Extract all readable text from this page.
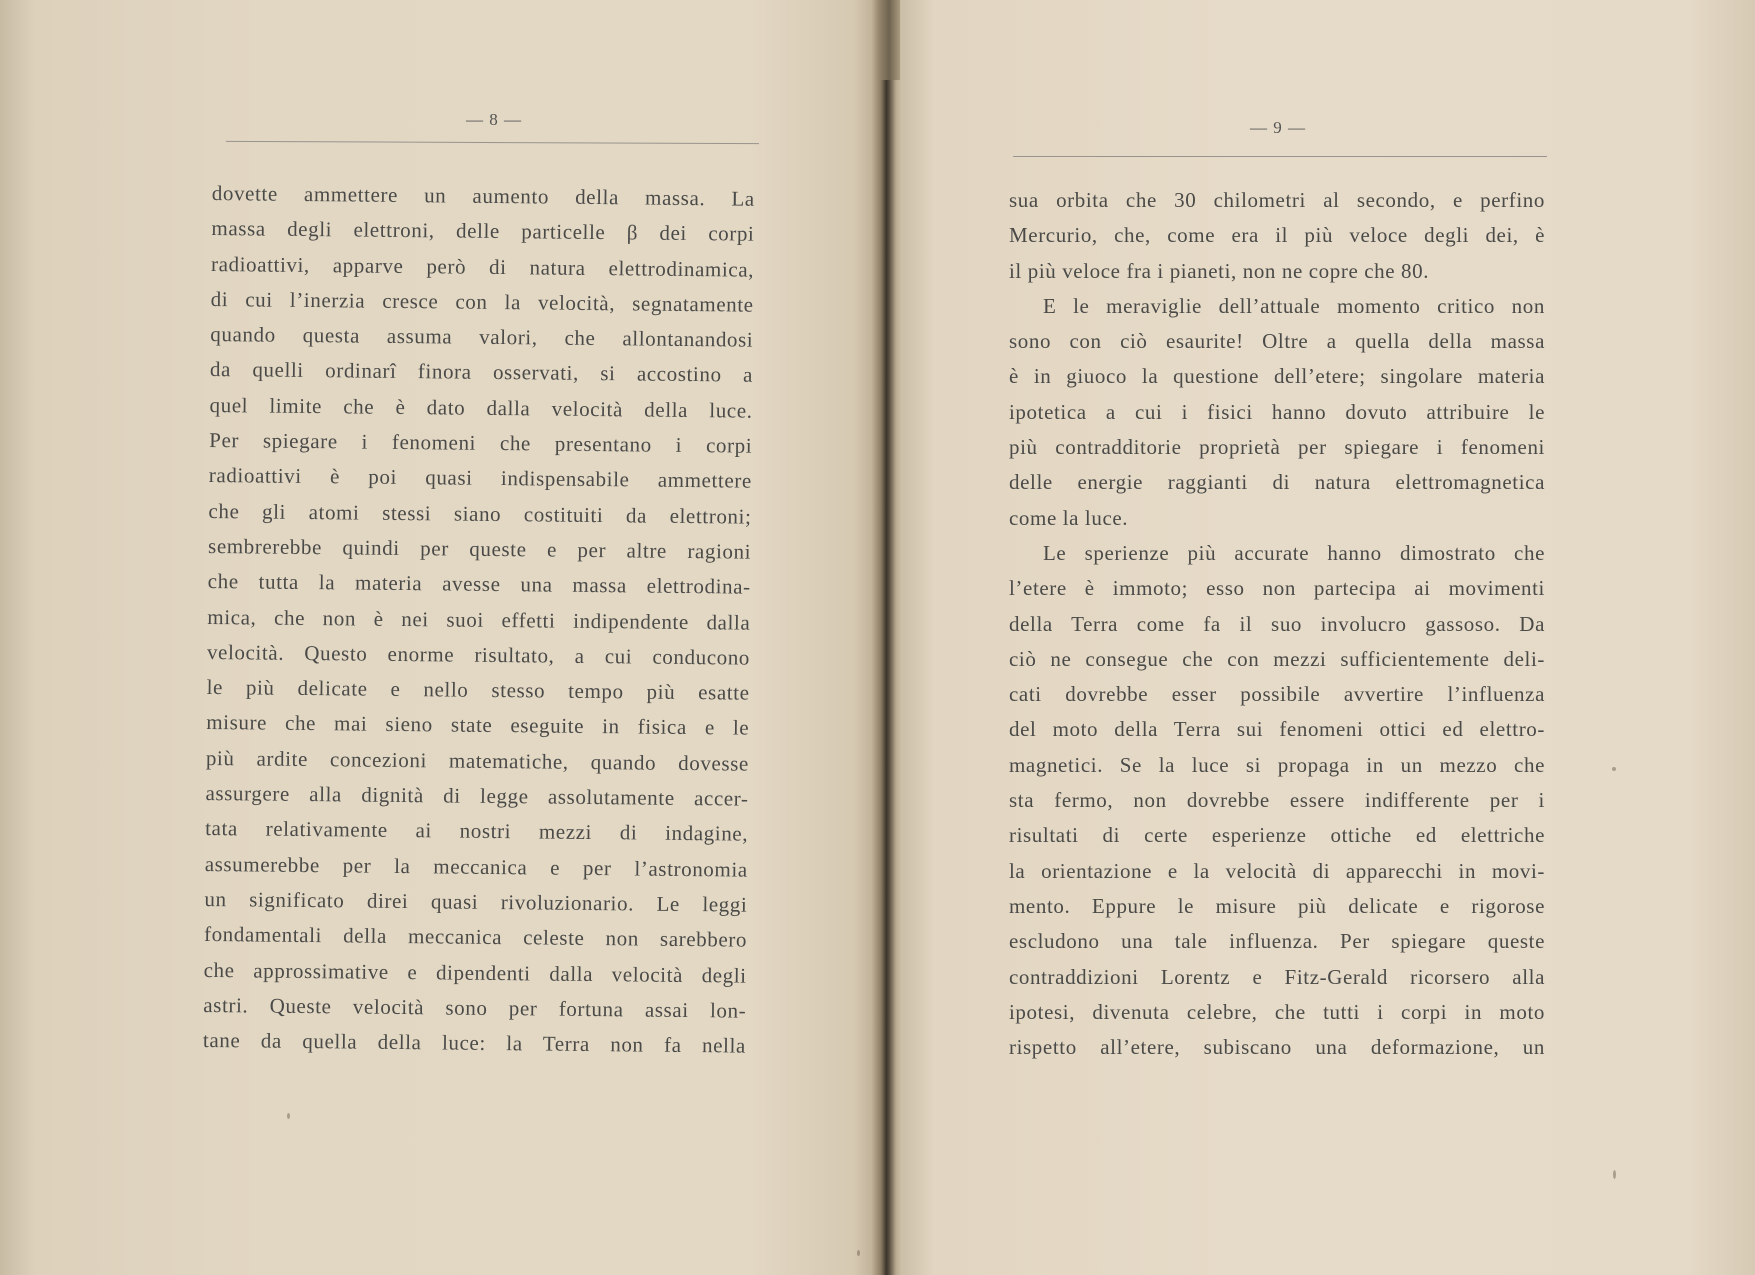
— 8 —	— 9 —
dovette ammettere un aumento della massa. La
massa degli elettroni, delle particelle β dei corpi
radioattivi, apparve però di natura elettrodinamica,
di cui l’inerzia cresce con la velocità, segnatamente
quando questa assuma valori, che allontanandosi
da quelli ordinarî finora osservati, si accostino a
quel limite che è dato dalla velocità della luce.
Per spiegare i fenomeni che presentano i corpi
radioattivi è poi quasi indispensabile ammettere
che gli atomi stessi siano costituiti da elettroni;
sembrerebbe quindi per queste e per altre ragioni
che tutta la materia avesse una massa elettrodina-
mica, che non è nei suoi effetti indipendente dalla
velocità. Questo enorme risultato, a cui conducono
le più delicate e nello stesso tempo più esatte
misure che mai sieno state eseguite in fisica e le
più ardite concezioni matematiche, quando dovesse
assurgere alla dignità di legge assolutamente accer-
tata relativamente ai nostri mezzi di indagine,
assumerebbe per la meccanica e per l’astronomia
un significato direi quasi rivoluzionario. Le leggi
fondamentali della meccanica celeste non sarebbero
che approssimative e dipendenti dalla velocità degli
astri. Queste velocità sono per fortuna assai lon-
tane da quella della luce: la Terra non fa nella
sua orbita che 30 chilometri al secondo, e perfino
Mercurio, che, come era il più veloce degli dei, è
il più veloce fra i pianeti, non ne copre che 80.
E le meraviglie dell’attuale momento critico non
sono con ciò esaurite! Oltre a quella della massa
è in giuoco la questione dell’etere; singolare materia
ipotetica a cui i fisici hanno dovuto attribuire le
più contradditorie proprietà per spiegare i fenomeni
delle energie raggianti di natura elettromagnetica
come la luce.
Le sperienze più accurate hanno dimostrato che
l’etere è immoto; esso non partecipa ai movimenti
della Terra come fa il suo involucro gassoso. Da
ciò ne consegue che con mezzi sufficientemente deli-
cati dovrebbe esser possibile avvertire l’influenza
del moto della Terra sui fenomeni ottici ed elettro-
magnetici. Se la luce si propaga in un mezzo che
sta fermo, non dovrebbe essere indifferente per i
risultati di certe esperienze ottiche ed elettriche
la orientazione e la velocità di apparecchi in movi-
mento. Eppure le misure più delicate e rigorose
escludono una tale influenza. Per spiegare queste
contraddizioni Lorentz e Fitz-Gerald ricorsero alla
ipotesi, divenuta celebre, che tutti i corpi in moto
rispetto all’etere, subiscano una deformazione, un
